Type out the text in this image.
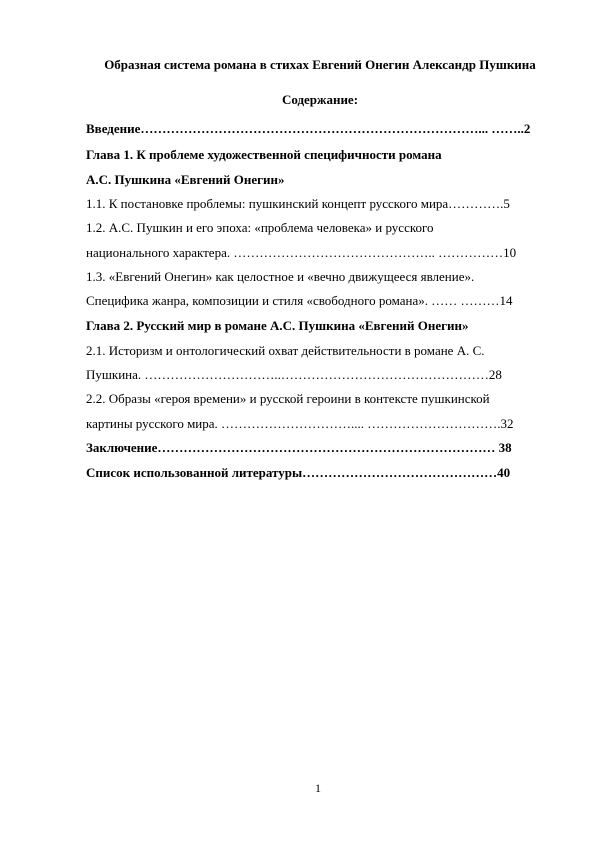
Образная система романа в стихах Евгений Онегин Александр Пушкина
Содержание:
Введение……………………………………………………………………... ……..2
Глава 1. К проблеме художественной специфичности романа
А.С. Пушкина «Евгений Онегин»
1.1. К постановке проблемы: пушкинский концепт русского мира………….5
1.2. А.С. Пушкин и его эпоха: «проблема человека» и русского
национального характера. ……………………………………….. ……………10
1.3. «Евгений Онегин» как целостное и «вечно движущееся явление».
Специфика жанра, композиции и стиля «свободного романа». …… ………14
Глава 2. Русский мир в романе А.С. Пушкина «Евгений Онегин»
2.1. Историзм и онтологический охват действительности в романе А. С.
Пушкина. …………………………..…………………………………………28
2.2. Образы «героя времени» и русской героини в контексте пушкинской
картины русского мира. ………………………….... ………………………….32
Заключение…………………………………………………………………… 38
Список использованной литературы………………………………………40
1
